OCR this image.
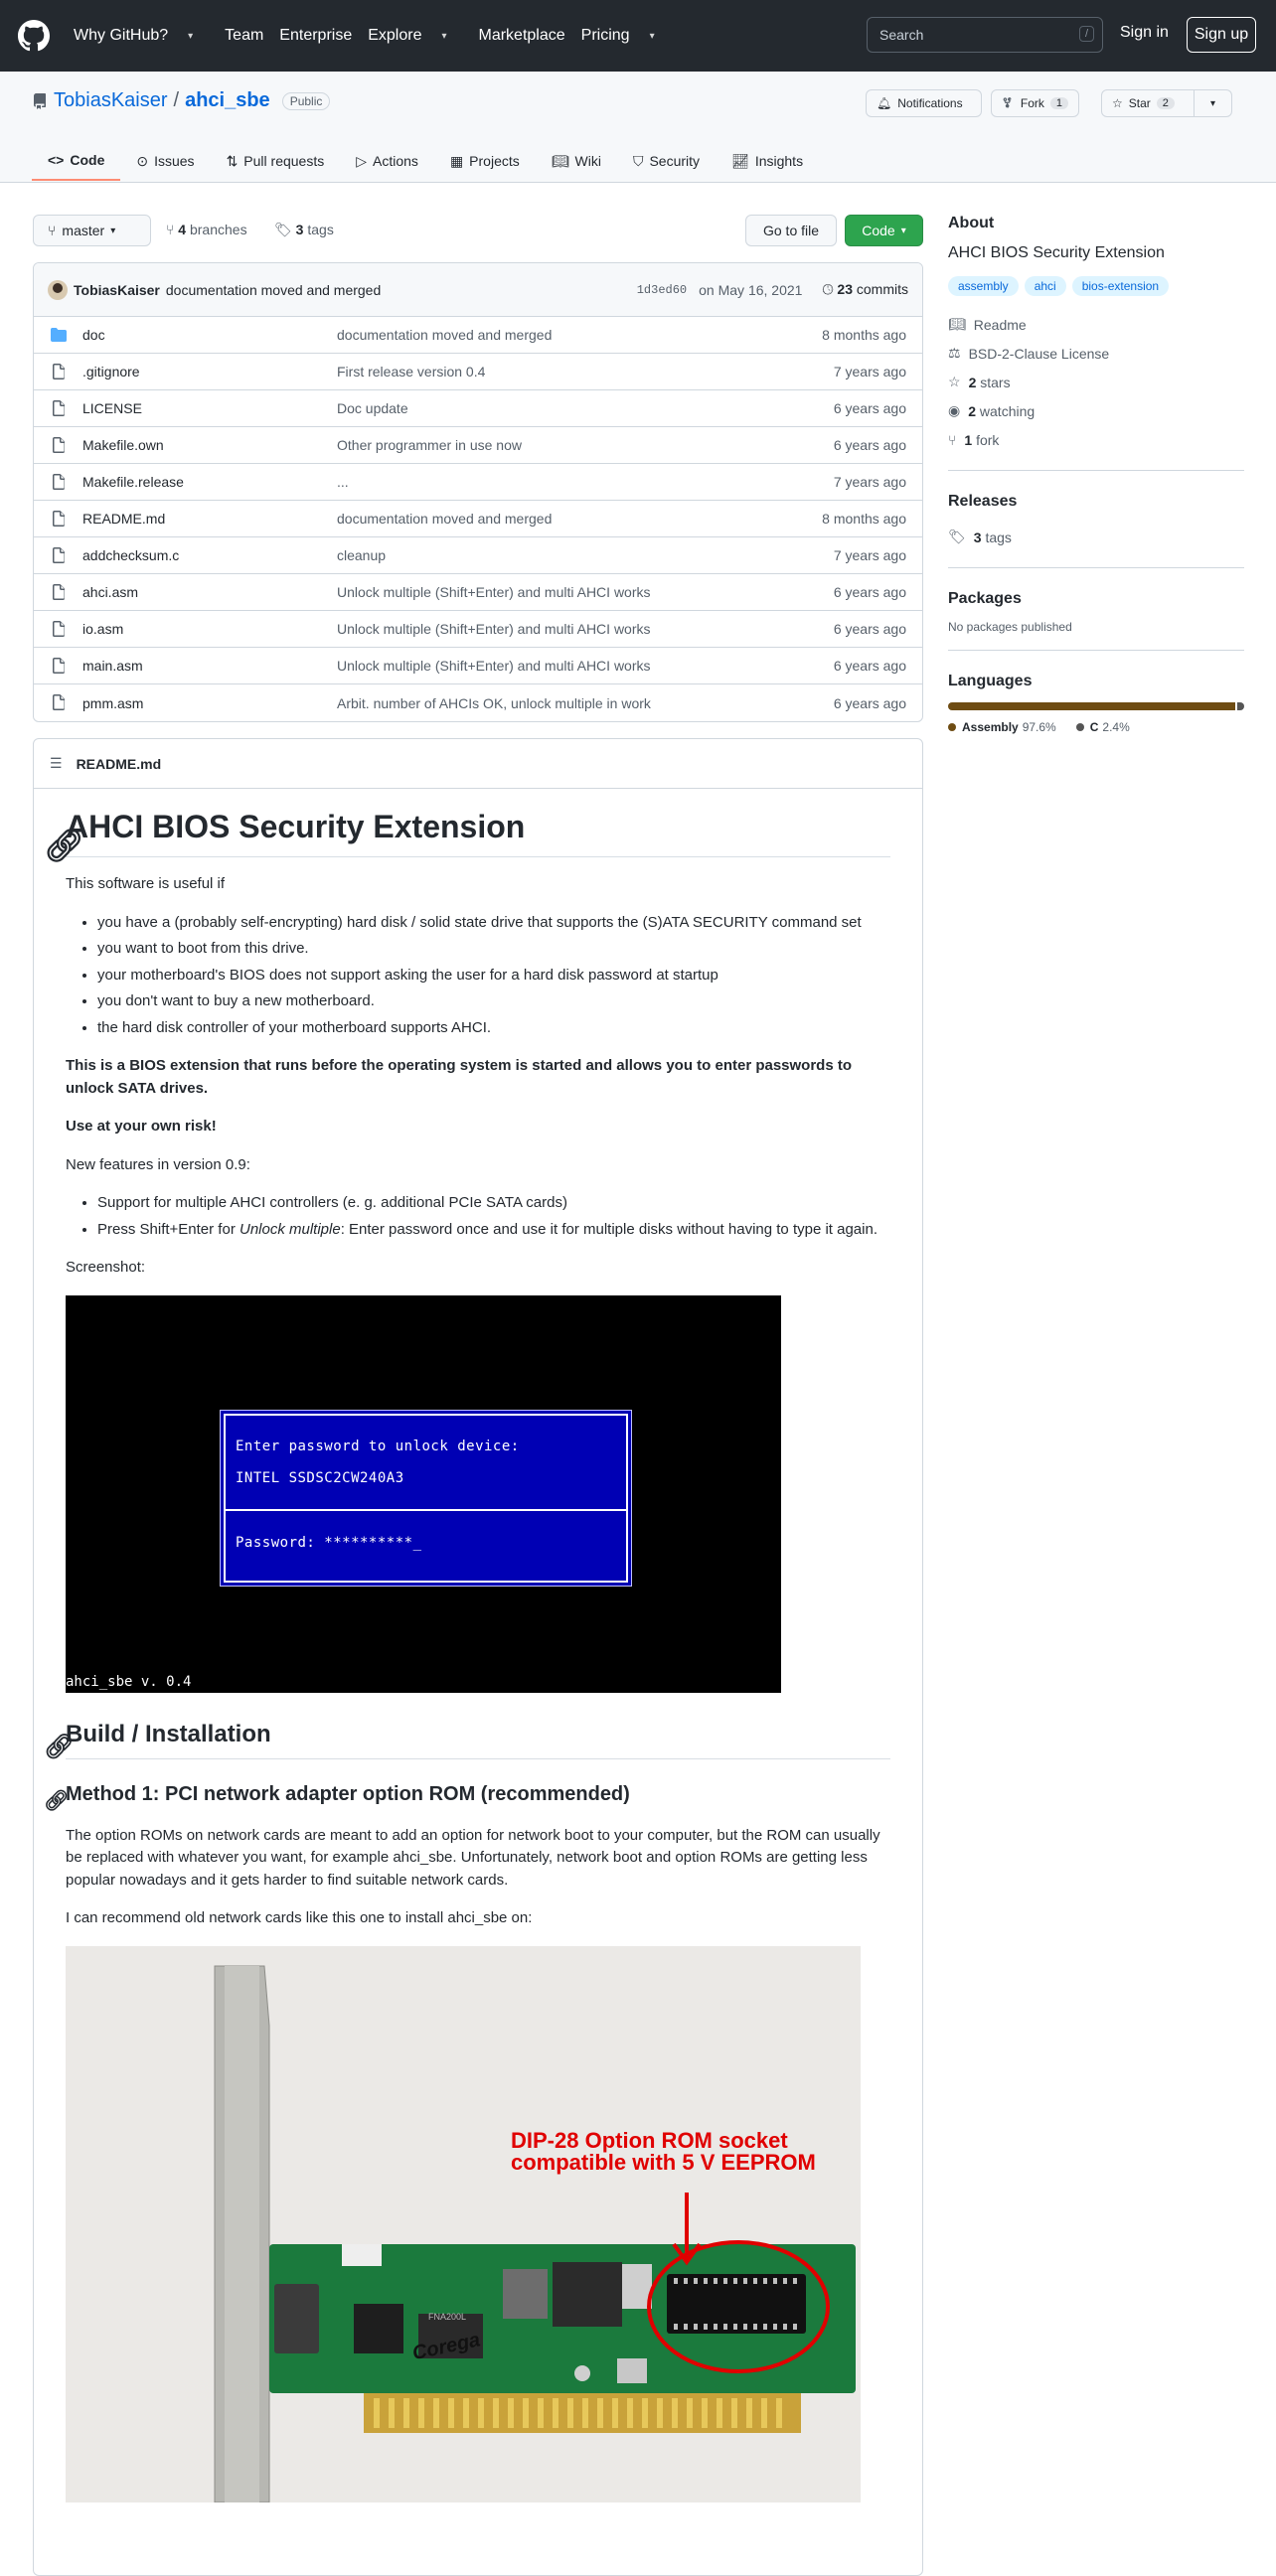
Why GitHub? ▾ Team Enterprise Explore ▾ Marketplace Pricing ▾	Search	/	Sign in	Sign up
TobiasKaiser / ahci_sbe	Public	🔔︎ Notifications	Fork	1	☆ Star	2	▾
<> Code ⊙ Issues ⇅ Pull requests ▷ Actions ▦ Projects 📖︎ Wiki ⛉ Security 📈︎ Insights
⑂ master ▾	⑂ 4 branches 🏷︎ 3 tags	Go to file	Code ▾
TobiasKaiser documentation moved and merged	1d3ed60 on May 16, 2021 🕓︎ 23 commits
doc	documentation moved and merged	8 months ago
.gitignore	First release version 0.4	7 years ago
LICENSE	Doc update	6 years ago
Makefile.own	Other programmer in use now	6 years ago
Makefile.release	...	7 years ago
README.md	documentation moved and merged	8 months ago
addchecksum.c	cleanup	7 years ago
ahci.asm	Unlock multiple (Shift+Enter) and multi AHCI works	6 years ago
io.asm	Unlock multiple (Shift+Enter) and multi AHCI works	6 years ago
main.asm	Unlock multiple (Shift+Enter) and multi AHCI works	6 years ago
pmm.asm	Arbit. number of AHCIs OK, unlock multiple in work	6 years ago
☰ README.md
🔗︎
AHCI BIOS Security Extension

This software is useful if

• you have a (probably self-encrypting) hard disk / solid state drive that supports the (S)ATA SECURITY command set
• you want to boot from this drive.
• your motherboard's BIOS does not support asking the user for a hard disk password at startup
• you don't want to buy a new motherboard.
• the hard disk controller of your motherboard supports AHCI.

This is a BIOS extension that runs before the operating system is started and allows you to enter passwords to unlock SATA drives.

Use at your own risk!

New features in version 0.9:

• Support for multiple AHCI controllers (e. g. additional PCIe SATA cards)
• Press Shift+Enter for Unlock multiple: Enter password once and use it for multiple disks without having to type it again.

Screenshot:

Enter password to unlock device:
INTEL SSDSC2CW240A3
Password: **********_
ahci_sbe v. 0.4
🔗︎
Build / Installation
🔗︎
Method 1: PCI network adapter option ROM (recommended)

The option ROMs on network cards are meant to add an option for network boot to your computer, but the ROM can usually be replaced with whatever you want, for example ahci_sbe. Unfortunately, network boot and option ROMs are getting less popular nowadays and it gets harder to find suitable network cards.

I can recommend old network cards like this one to install ahci_sbe on:

Corega
FNA200L
DIP-28 Option ROM socket
compatible with 5 V EEPROM
About
AHCI BIOS Security Extension
assembly	ahci	bios-extension
📖︎ Readme
⚖ BSD-2-Clause License
☆ 2 stars
◉ 2 watching
⑂ 1 fork
Releases
🏷︎ 3 tags
Packages
No packages published
Languages
Assembly 97.6%	C 2.4%
